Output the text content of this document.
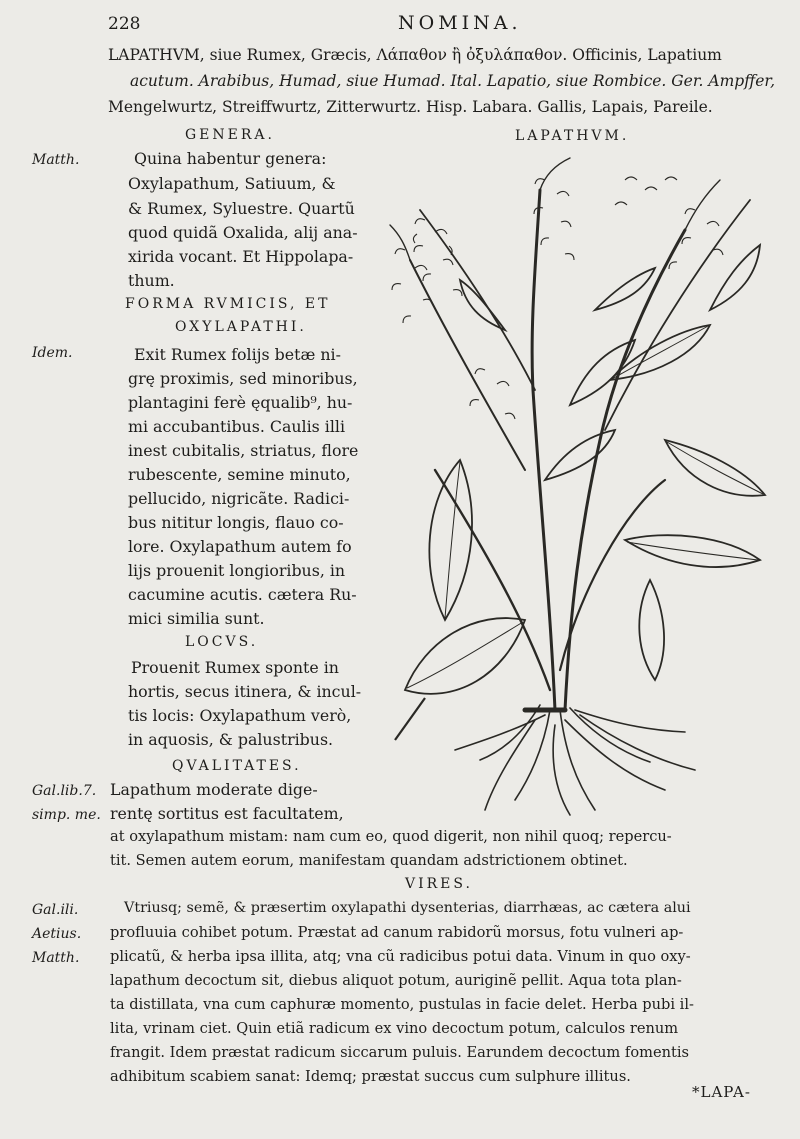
228	NOMINA.
LAPATHVM, siue Rumex, Græcis, Λάπαθον ἢ ὀξυλάπαθον. Officinis, Lapatium
acutum. Arabibus, Humad, siue Humad. Ital. Lapatio, siue Rombice. Ger. Ampffer,
Mengelwurtz, Streiffwurtz, Zitterwurtz. Hisp. Labara. Gallis, Lapais, Pareile.
GENERA.
Matth.	Quina habentur genera:
Oxylapathum, Satiuum, &
& Rumex, Syluestre. Quartũ
quod quidã Oxalida, alij ana-
xirida vocant. Et Hippolapa-
thum.
FORMA RVMICIS, ET
OXYLAPATHI.
Idem.	Exit Rumex folijs betæ ni-
grę proximis, sed minoribus,
plantagini ferè ęqualib⁹, hu-
mi accubantibus. Caulis illi
inest cubitalis, striatus, flore
rubescente, semine minuto,
pellucido, nigricãte. Radici-
bus nititur longis, flauo co-
lore. Oxylapathum autem fo
lijs prouenit longioribus, in
cacumine acutis. cætera Ru-
mici similia sunt.
LOCVS.
Prouenit Rumex sponte in
hortis, secus itinera, & incul-
tis locis: Oxylapathum verò,
in aquosis, & palustribus.
QVALITATES.
Gal.lib.7.
simp. me.
Lapathum moderate dige-
rentę sortitus est facultatem,
at oxylapathum mistam: nam cum eo, quod digerit, non nihil quoq; repercu-
tit. Semen autem eorum, manifestam quandam adstrictionem obtinet.
VIRES.
Gal.ili.
Aetius.
Matth.
Vtriusq; semẽ, & præsertim oxylapathi dysenterias, diarrhæas, ac cætera alui
profluuia cohibet potum. Præstat ad canum rabidorũ morsus, fotu vulneri ap-
plicatũ, & herba ipsa illita, atq; vna cũ radicibus potui data. Vinum in quo oxy-
lapathum decoctum sit, diebus aliquot potum, auriginẽ pellit. Aqua tota plan-
ta distillata, vna cum caphuræ momento, pustulas in facie delet. Herba pubi il-
lita, vrinam ciet. Quin etiã radicum ex vino decoctum potum, calculos renum
frangit. Idem præstat radicum siccarum puluis. Earundem decoctum fomentis
adhibitum scabiem sanat: Idemq; præstat succus cum sulphure illitus.
*LAPA-
LAPATHVM.
